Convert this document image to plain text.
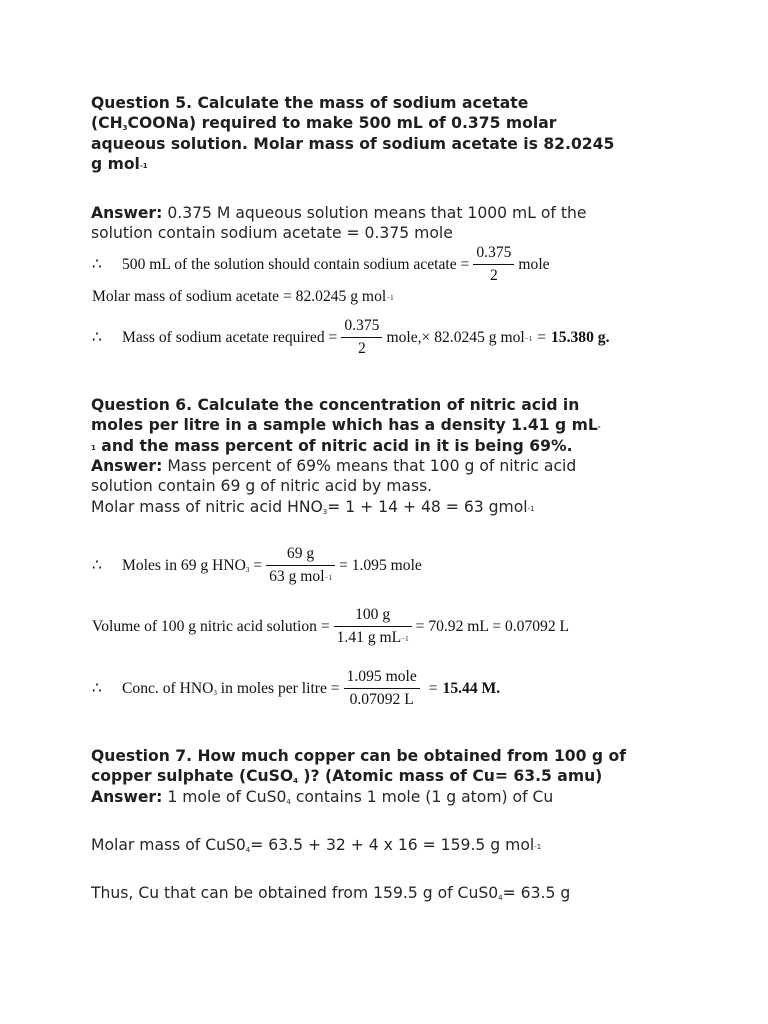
Question 5. Calculate the mass of sodium acetate
$(CH_3COONa)$ required to make 500 mL of 0.375 molar
aqueous solution. Molar mass of sodium acetate is 82.0245
g mol$^{-1}$
Answer: 0.375 M aqueous solution means that 1000 mL of the
solution contain sodium acetate = 0.375 mole
∴	500 mL of the solution should contain sodium acetate = $\frac{0.375}{2}$ mole
Molar mass of sodium acetate = 82.0245 g mol$^{-1}$
∴	Mass of sodium acetate required = $\frac{0.375}{2}$ mole,× 82.0245 g mol$^{-1}$ = 15.380 g.
Question 6. Calculate the concentration of nitric acid in
moles per litre in a sample which has a density 1.41 g mL-
$^1$ and the mass percent of nitric acid in it is being 69%.
Answer: Mass percent of 69% means that 100 g of nitric acid
solution contain 69 g of nitric acid by mass.
Molar mass of nitric acid $HNO_3= 1 + 14 + 48 = 63$ gmol$^{-1}$
∴	Moles in 69 g $HNO_3 = \frac{69 g}{63 g mol^{-1}} = 1.095$ mole
Volume of 100 g nitric acid solution = $\frac{100 g}{1.41 g mL^{-1}} = 70.92$ mL = 0.07092 L
∴	Conc. of $HNO_3$ in moles per litre = $\frac{\text{1.095 mole}}{0.07092 L} = 15.44$ M.
Question 7. How much copper can be obtained from 100 g of
copper sulphate (CuSO$_4$ )? (Atomic mass of Cu= 63.5 amu)
Answer: 1 mole of $CuS0_4$ contains 1 mole (1 g atom) of Cu
Molar mass of $CuS0_4= 63.5 + 32 + 4$ x 16 = 159.5 g mol$^{-1}$
Thus, Cu that can be obtained from 159.5 g of $CuS0_4= 63.5$ g
